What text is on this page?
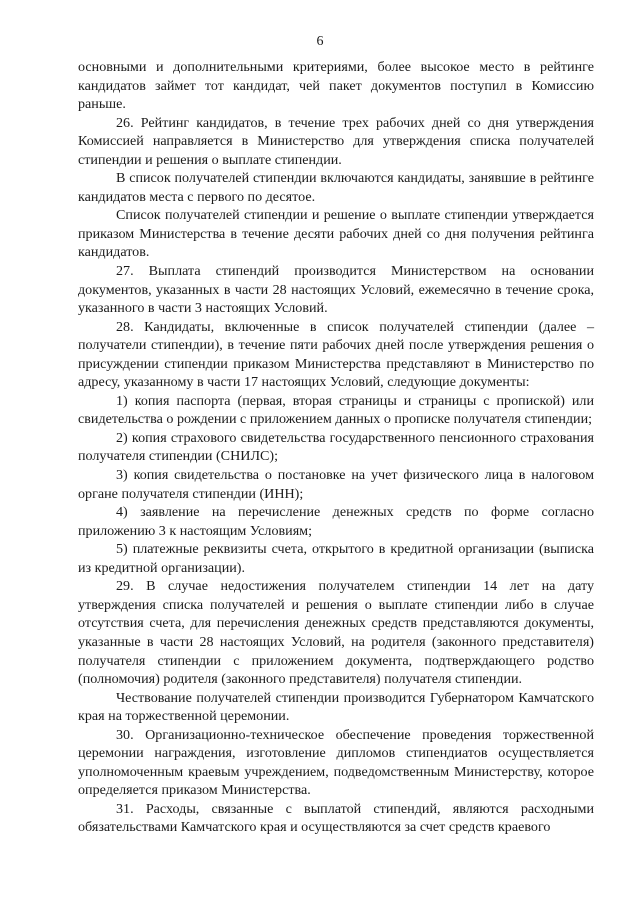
6

основными и дополнительными критериями, более высокое место в рейтинге кандидатов займет тот кандидат, чей пакет документов поступил в Комиссию раньше.

26. Рейтинг кандидатов, в течение трех рабочих дней со дня утверждения Комиссией направляется в Министерство для утверждения списка получателей стипендии и решения о выплате стипендии.

В список получателей стипендии включаются кандидаты, занявшие в рейтинге кандидатов места с первого по десятое.

Список получателей стипендии и решение о выплате стипендии утверждается приказом Министерства в течение десяти рабочих дней со дня получения рейтинга кандидатов.

27. Выплата стипендий производится Министерством на основании документов, указанных в части 28 настоящих Условий, ежемесячно в течение срока, указанного в части 3 настоящих Условий.

28. Кандидаты, включенные в список получателей стипендии (далее – получатели стипендии), в течение пяти рабочих дней после утверждения решения о присуждении стипендии приказом Министерства представляют в Министерство по адресу, указанному в части 17 настоящих Условий, следующие документы:

1) копия паспорта (первая, вторая страницы и страницы с пропиской) или свидетельства о рождении с приложением данных о прописке получателя стипендии;

2) копия страхового свидетельства государственного пенсионного страхования получателя стипендии (СНИЛС);

3) копия свидетельства о постановке на учет физического лица в налоговом органе получателя стипендии (ИНН);

4) заявление на перечисление денежных средств по форме согласно приложению 3 к настоящим Условиям;

5) платежные реквизиты счета, открытого в кредитной организации (выписка из кредитной организации).

29. В случае недостижения получателем стипендии 14 лет на дату утверждения списка получателей и решения о выплате стипендии либо в случае отсутствия счета, для перечисления денежных средств представляются документы, указанные в части 28 настоящих Условий, на родителя (законного представителя) получателя стипендии с приложением документа, подтверждающего родство (полномочия) родителя (законного представителя) получателя стипендии.

Чествование получателей стипендии производится Губернатором Камчатского края на торжественной церемонии.

30. Организационно-техническое обеспечение проведения торжественной церемонии награждения, изготовление дипломов стипендиатов осуществляется уполномоченным краевым учреждением, подведомственным Министерству, которое определяется приказом Министерства.

31. Расходы, связанные с выплатой стипендий, являются расходными обязательствами Камчатского края и осуществляются за счет средств краевого
